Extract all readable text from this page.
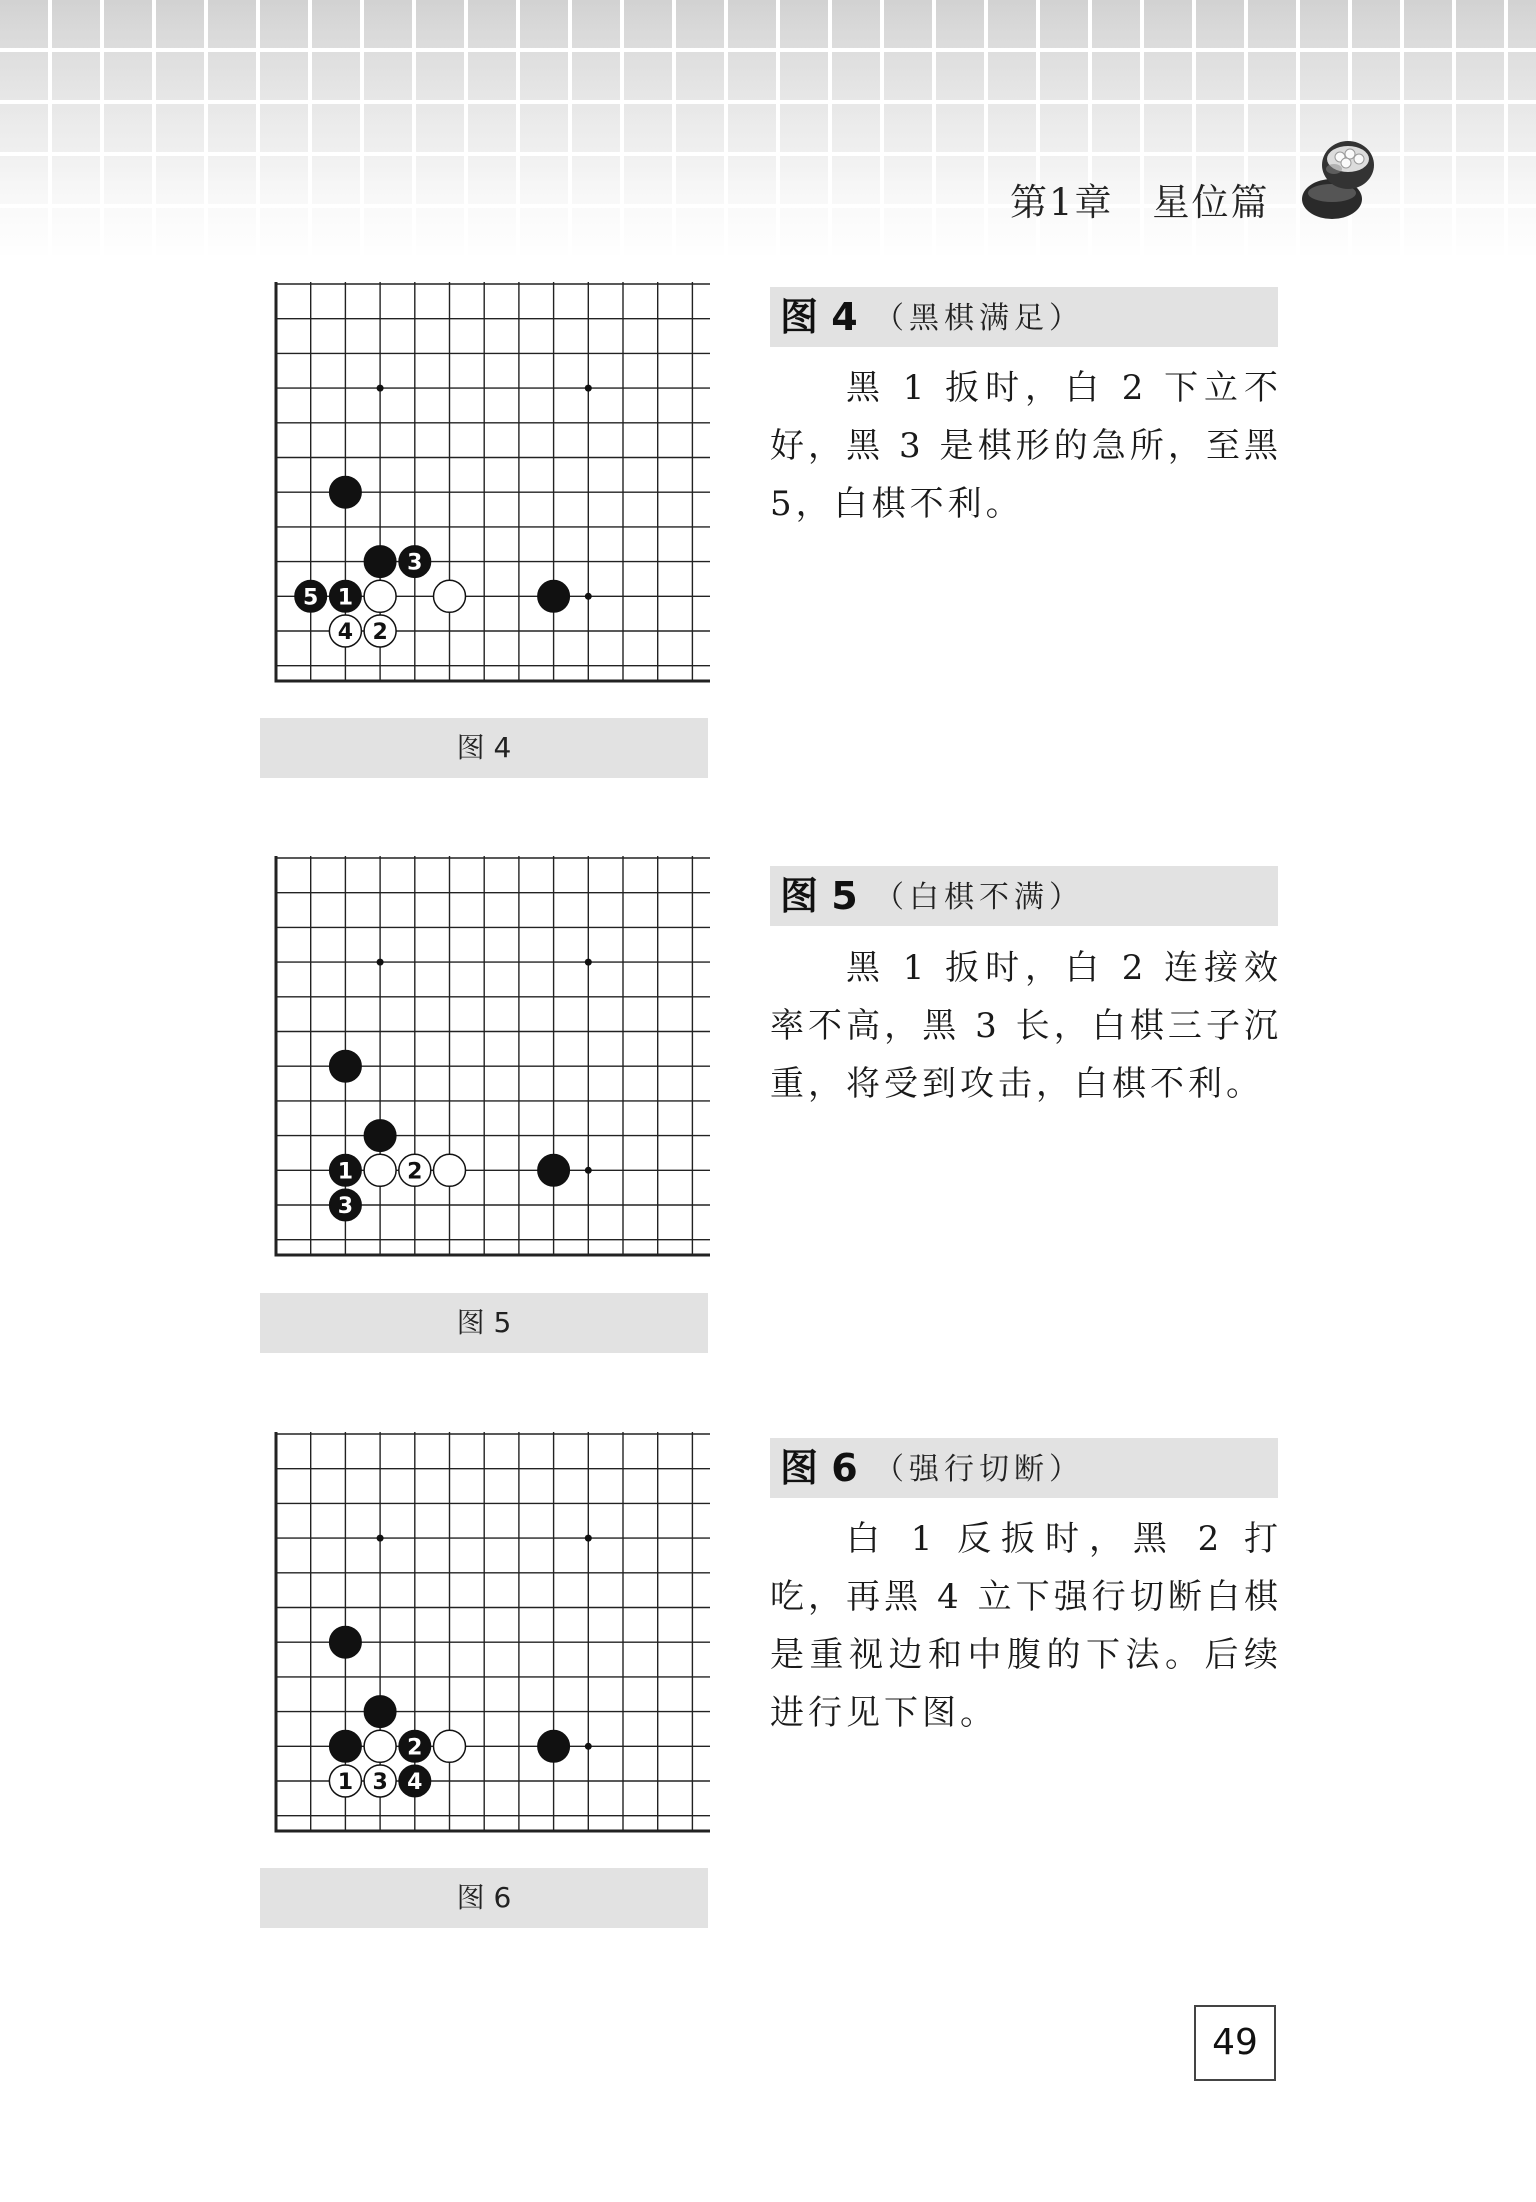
第1章　星位篇
3
5 1
4 2
图 4
图 4 （黑棋满足）

黑 1 扳时，白 2 下立不好，黑 3 是棋形的急所，至黑 5，白棋不利。

1 2
3
图 5
图 5 （白棋不满）

黑 1 扳时，白 2 连接效率不高，黑 3 长，白棋三子沉重，将受到攻击，白棋不利。

2
1 3 4
图 6
图 6 （强行切断）

白 1 反扳时，黑 2 打吃，再黑 4 立下强行切断白棋是重视边和中腹的下法。后续进行见下图。

49
